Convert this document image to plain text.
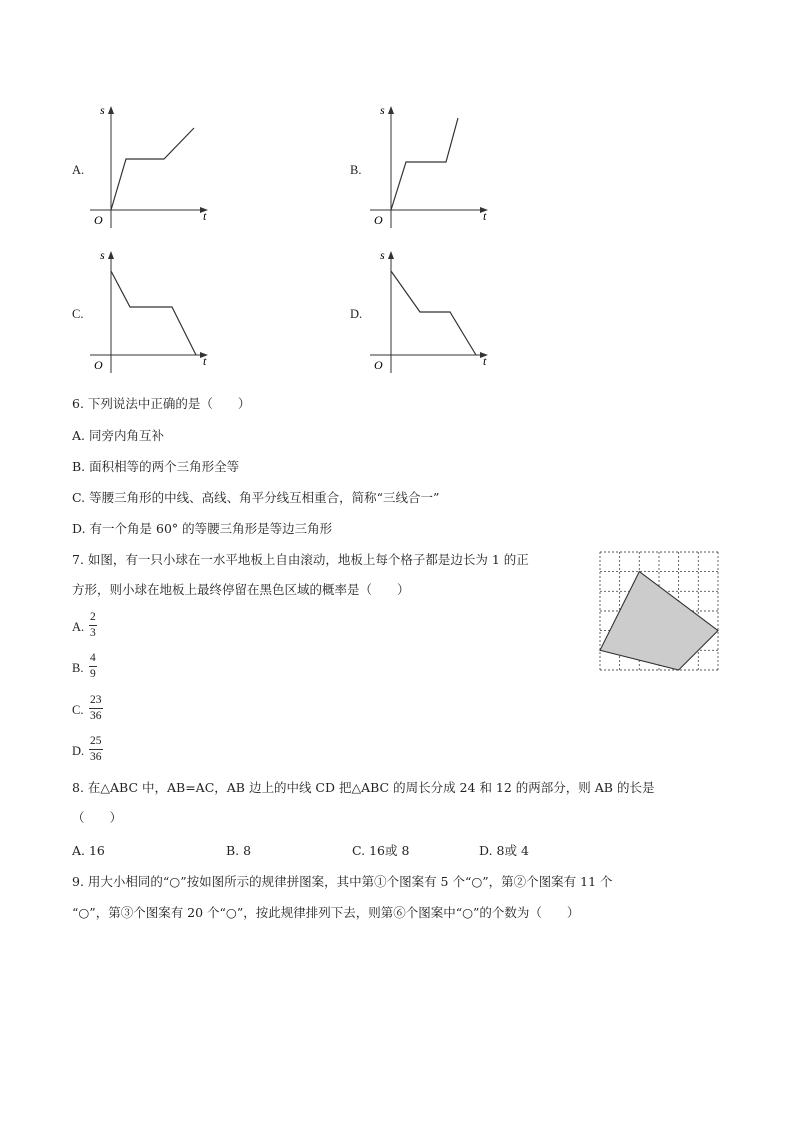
A.
s
t
O
B.
s
t
O
C.
s
t
O
D.
s
t
O
6. 下列说法中正确的是（　　）
A. 同旁内角互补
B. 面积相等的两个三角形全等
C. 等腰三角形的中线、高线、角平分线互相重合，简称“三线合一”
D. 有一个角是 60° 的等腰三角形是等边三角形
7. 如图，有一只小球在一水平地板上自由滚动，地板上每个格子都是边长为 1 的正
方形，则小球在地板上最终停留在黑色区域的概率是（　　）
A.
2
3
B.
4
9
C.
23
36
D.
25
36
8. 在△ABC 中，AB=AC，AB 边上的中线 CD 把△ABC 的周长分成 24 和 12 的两部分，则 AB 的长是
（　　）
A. 16	B. 8	C. 16或 8	D. 8或 4
9. 用大小相同的“○”按如图所示的规律拼图案，其中第①个图案有 5 个“○”，第②个图案有 11 个
“○”，第③个图案有 20 个“○”，按此规律排列下去，则第⑥个图案中“○”的个数为（　　）
